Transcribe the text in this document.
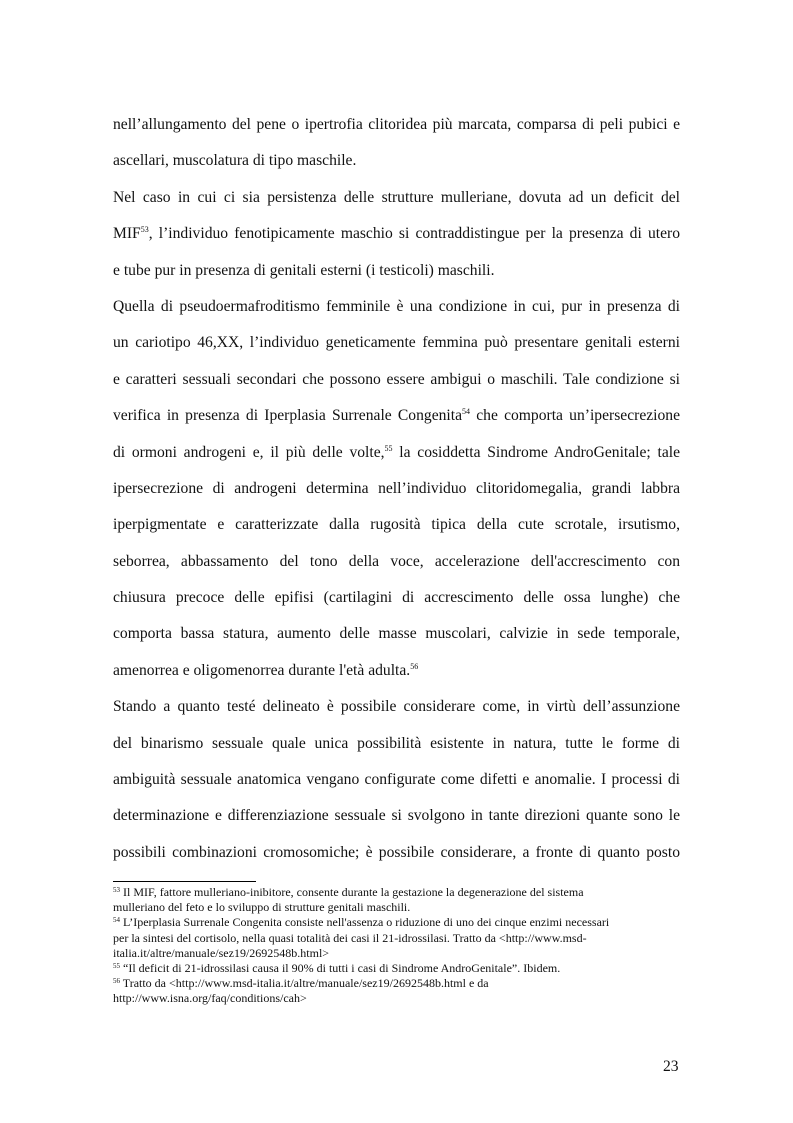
nell’allungamento del pene o ipertrofia clitoridea più marcata, comparsa di peli pubici e
ascellari, muscolatura di tipo maschile.
Nel caso in cui ci sia persistenza delle strutture mulleriane, dovuta ad un deficit del
MIF$^{53}$, l’individuo fenotipicamente maschio si contraddistingue per la presenza di utero
e tube pur in presenza di genitali esterni (i testicoli) maschili.
Quella di pseudoermafroditismo femminile è una condizione in cui, pur in presenza di
un cariotipo 46,XX, l’individuo geneticamente femmina può presentare genitali esterni
e caratteri sessuali secondari che possono essere ambigui o maschili. Tale condizione si
verifica in presenza di Iperplasia Surrenale Congenita$^{54}$ che comporta un’ipersecrezione
di ormoni androgeni e, il più delle volte,$^{55}$ la cosiddetta Sindrome AndroGenitale; tale
ipersecrezione di androgeni determina nell’individuo clitoridomegalia, grandi labbra
iperpigmentate e caratterizzate dalla rugosità tipica della cute scrotale, irsutismo,
seborrea, abbassamento del tono della voce, accelerazione dell'accrescimento con
chiusura precoce delle epifisi (cartilagini di accrescimento delle ossa lunghe) che
comporta bassa statura, aumento delle masse muscolari, calvizie in sede temporale,
amenorrea e oligomenorrea durante l'età adulta.$^{56}$
Stando a quanto testé delineato è possibile considerare come, in virtù dell’assunzione
del binarismo sessuale quale unica possibilità esistente in natura, tutte le forme di
ambiguità sessuale anatomica vengano configurate come difetti e anomalie. I processi di
determinazione e differenziazione sessuale si svolgono in tante direzioni quante sono le
possibili combinazioni cromosomiche; è possibile considerare, a fronte di quanto posto
$^{53}$ Il MIF, fattore mulleriano-inibitore, consente durante la gestazione la degenerazione del sistema
mulleriano del feto e lo sviluppo di strutture genitali maschili.
$^{54}$ L’Iperplasia Surrenale Congenita consiste nell'assenza o riduzione di uno dei cinque enzimi necessari
per la sintesi del cortisolo, nella quasi totalità dei casi il 21-idrossilasi. Tratto da <http://www.msd-
italia.it/altre/manuale/sez19/2692548b.html>
$^{55}$ “Il deficit di 21-idrossilasi causa il 90% di tutti i casi di Sindrome AndroGenitale”. Ibidem.
$^{56}$ Tratto da <http://www.msd-italia.it/altre/manuale/sez19/2692548b.html e da
http://www.isna.org/faq/conditions/cah>
23
